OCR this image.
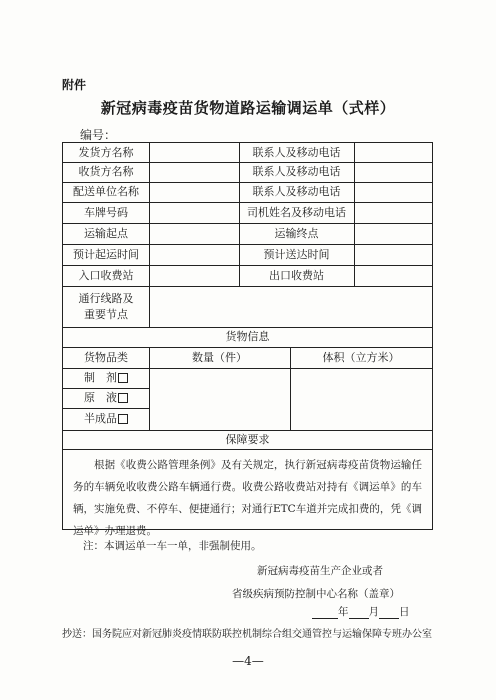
附件
新冠病毒疫苗货物道路运输调运单（式样）
编号：
发货方名称	联系人及移动电话
收货方名称	联系人及移动电话
配送单位名称	联系人及移动电话
车牌号码	司机姓名及移动电话
运输起点	运输终点
预计起运时间	预计送达时间
入口收费站	出口收费站
通行线路及
重要节点
货物信息
货物品类	数量（件）	体积（立方米）
制　剂
原　液
半成品
保障要求
根据《收费公路管理条例》及有关规定，执行新冠病毒疫苗货物运输任务的车辆免收收费公路车辆通行费。收费公路收费站对持有《调运单》的车辆，实施免费、不停车、便捷通行；对通行ETC车道并完成扣费的，凭《调运单》办理退费。
注：本调运单一车一单，非强制使用。
新冠病毒疫苗生产企业或者
省级疾病预防控制中心名称（盖章）
年 月 日
抄送：国务院应对新冠肺炎疫情联防联控机制综合组交通管控与运输保障专班办公室
—4—
